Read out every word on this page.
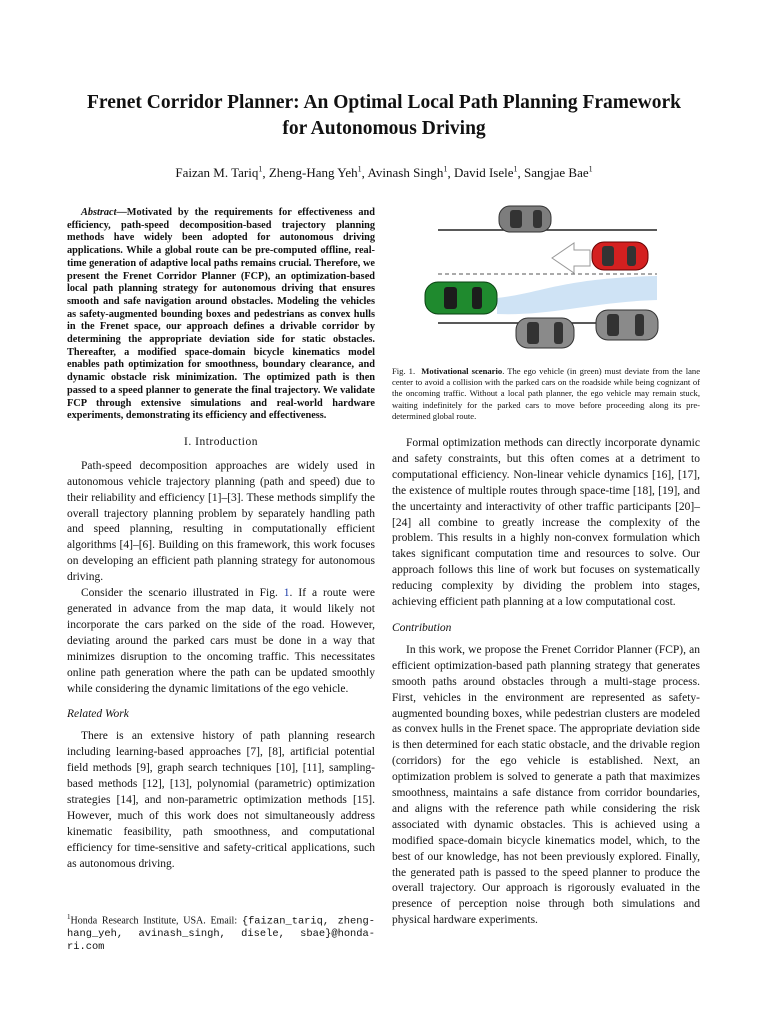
Frenet Corridor Planner: An Optimal Local Path Planning Framework
for Autonomous Driving
Faizan M. Tariq$^1$, Zheng-Hang Yeh$^1$, Avinash Singh$^1$, David Isele$^1$, Sangjae Bae$^1$

Abstract—Motivated by the requirements for effectiveness and efficiency, path-speed decomposition-based trajectory planning methods have widely been adopted for autonomous driving applications. While a global route can be pre-computed offline, real-time generation of adaptive local paths remains crucial. Therefore, we present the Frenet Corridor Planner (FCP), an optimization-based local path planning strategy for autonomous driving that ensures smooth and safe navigation around obstacles. Modeling the vehicles as safety-augmented bounding boxes and pedestrians as convex hulls in the Frenet space, our approach defines a drivable corridor by determining the appropriate deviation side for static obstacles. Thereafter, a modified space-domain bicycle kinematics model enables path optimization for smoothness, boundary clearance, and dynamic obstacle risk minimization. The optimized path is then passed to a speed planner to generate the final trajectory. We validate FCP through extensive simulations and real-world hardware experiments, demonstrating its efficiency and effectiveness.

I. Introduction

Path-speed decomposition approaches are widely used in autonomous vehicle trajectory planning (path and speed) due to their reliability and efficiency [1]–[3]. These methods simplify the overall trajectory planning problem by separately handling path and speed planning, resulting in computationally efficient algorithms [4]–[6]. Building on this framework, this work focuses on developing an efficient path planning strategy for autonomous driving.

Consider the scenario illustrated in Fig. 1. If a route were generated in advance from the map data, it would likely not incorporate the cars parked on the side of the road. However, deviating around the parked cars must be done in a way that minimizes disruption to the oncoming traffic. This necessitates online path generation where the path can be updated smoothly while considering the dynamic limitations of the ego vehicle.

Related Work

There is an extensive history of path planning research including learning-based approaches [7], [8], artificial potential field methods [9], graph search techniques [10], [11], sampling-based methods [12], [13], polynomial (parametric) optimization strategies [14], and non-parametric optimization methods [15]. However, much of this work does not simultaneously address kinematic feasibility, path smoothness, and computational efficiency for time-sensitive and safety-critical applications, such as autonomous driving.

$^1$Honda Research Institute, USA. Email: {faizan_tariq, zheng-hang_yeh, avinash_singh, disele, sbae}@honda-ri.com
Fig. 1. Motivational scenario. The ego vehicle (in green) must deviate from the lane center to avoid a collision with the parked cars on the roadside while being cognizant of the oncoming traffic. Without a local path planner, the ego vehicle may remain stuck, waiting indefinitely for the parked cars to move before proceeding along its pre-determined global route.

Formal optimization methods can directly incorporate dynamic and safety constraints, but this often comes at a detriment to computational efficiency. Non-linear vehicle dynamics [16], [17], the existence of multiple routes through space-time [18], [19], and the uncertainty and interactivity of other traffic participants [20]–[24] all combine to greatly increase the complexity of the problem. This results in a highly non-convex formulation which takes significant computation time and resources to solve. Our approach follows this line of work but focuses on systematically reducing complexity by dividing the problem into stages, achieving efficient path planning at a low computational cost.

Contribution

In this work, we propose the Frenet Corridor Planner (FCP), an efficient optimization-based path planning strategy that generates smooth paths around obstacles through a multi-stage process. First, vehicles in the environment are represented as safety-augmented bounding boxes, while pedestrian clusters are modeled as convex hulls in the Frenet space. The appropriate deviation side is then determined for each static obstacle, and the drivable region (corridors) for the ego vehicle is established. Next, an optimization problem is solved to generate a path that maximizes smoothness, maintains a safe distance from corridor boundaries, and aligns with the reference path while considering the risk associated with dynamic obstacles. This is achieved using a modified space-domain bicycle kinematics model, which, to the best of our knowledge, has not been previously explored. Finally, the generated path is passed to the speed planner to produce the overall trajectory. Our approach is rigorously evaluated in the presence of perception noise through both simulations and physical hardware experiments.
